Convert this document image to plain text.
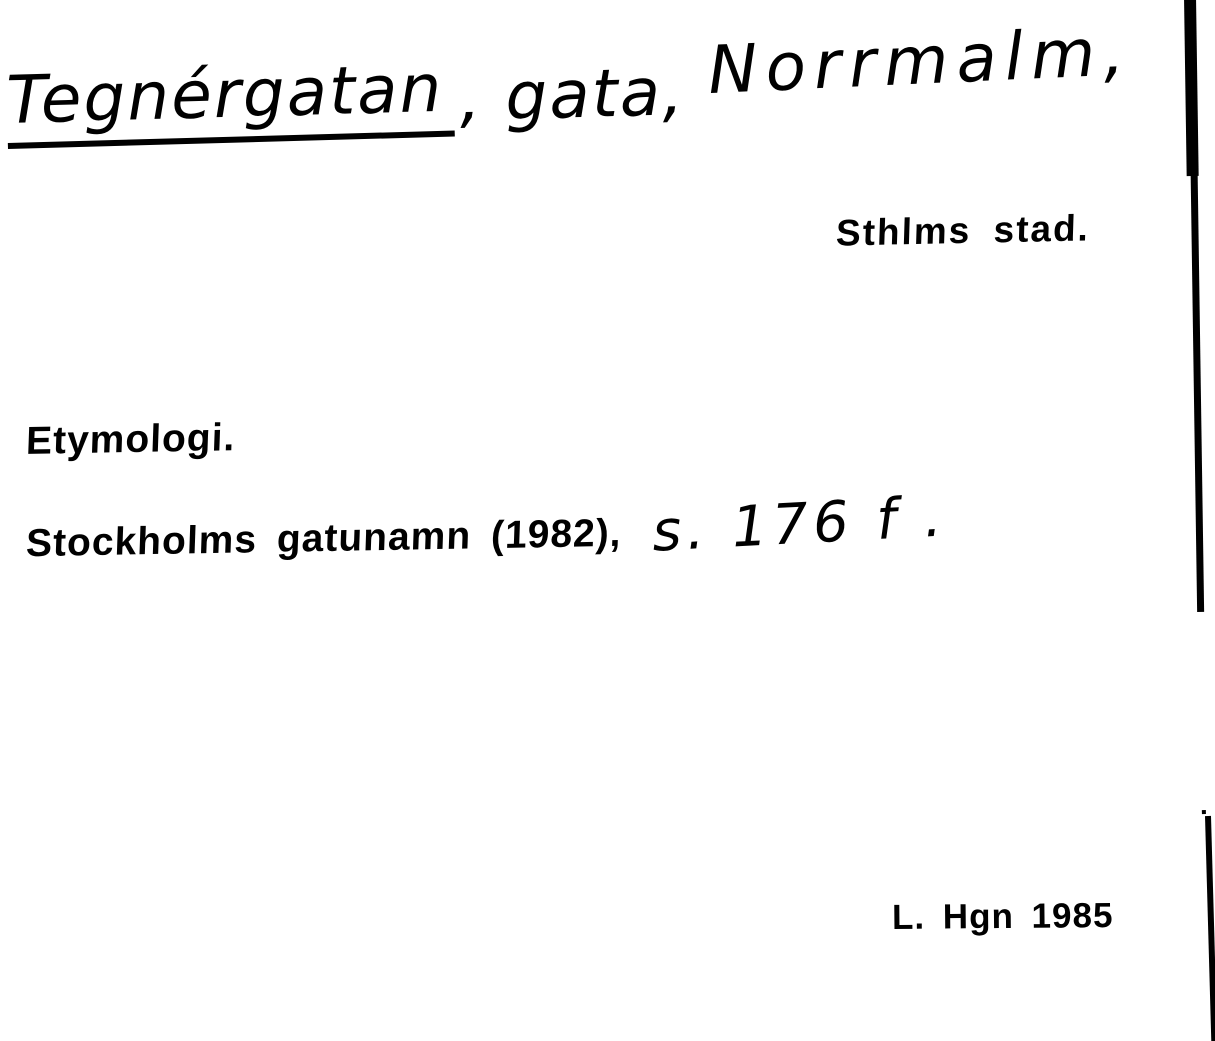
Tegnérgatan , gata, Norrmalm,
Sthlms stad.
Etymologi.
Stockholms gatunamn (1982), s. 176 f .
L. Hgn 1985
